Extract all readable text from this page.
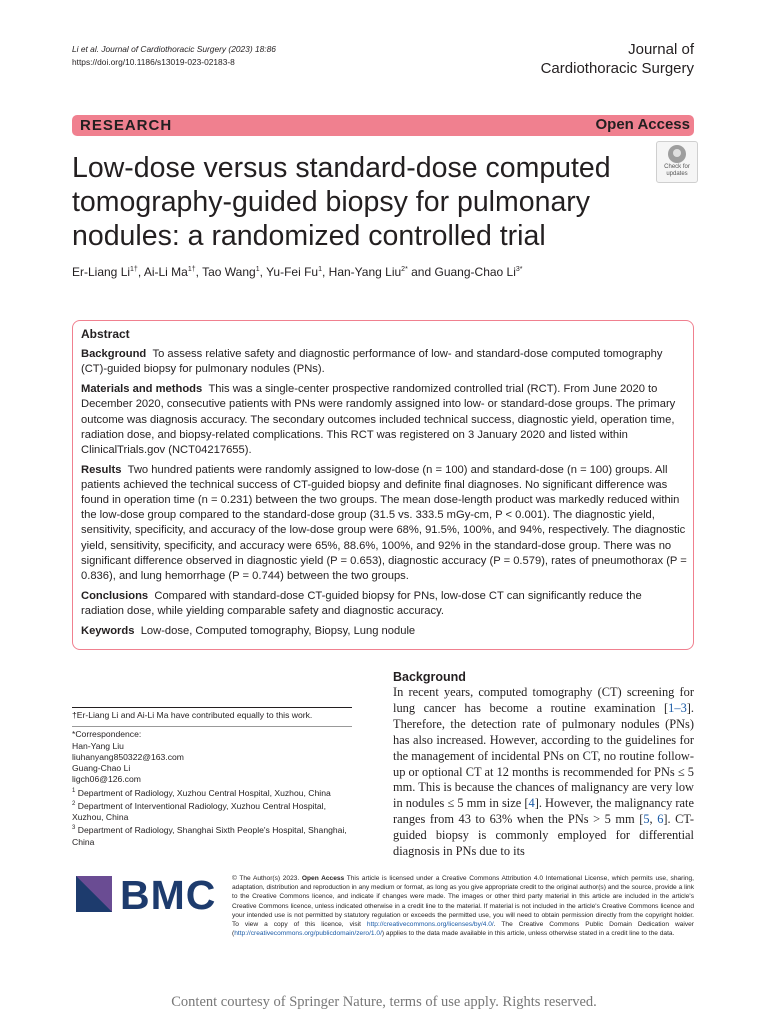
Li et al. Journal of Cardiothoracic Surgery (2023) 18:86
https://doi.org/10.1186/s13019-023-02183-8
Journal of
Cardiothoracic Surgery
RESEARCH	Open Access
Check for
updates
Low-dose versus standard-dose computed tomography-guided biopsy for pulmonary nodules: a randomized controlled trial
Er-Liang $Li^{1\dagger}$, Ai-Li $Ma^{1\dagger}$, Tao Wang$^1$, Yu-Fei Fu$^1$, Han-Yang Liu$^{2*}$ and Guang-Chao $Li^{3*}$

Abstract

Background To assess relative safety and diagnostic performance of low- and standard-dose computed tomography (CT)-guided biopsy for pulmonary nodules (PNs).

Materials and methods This was a single-center prospective randomized controlled trial (RCT). From June 2020 to December 2020, consecutive patients with PNs were randomly assigned into low- or standard-dose groups. The primary outcome was diagnosis accuracy. The secondary outcomes included technical success, diagnostic yield, operation time, radiation dose, and biopsy-related complications. This RCT was registered on 3 January 2020 and listed within ClinicalTrials.gov (NCT04217655).

Results Two hundred patients were randomly assigned to low-dose (n = 100) and standard-dose (n = 100) groups. All patients achieved the technical success of CT-guided biopsy and definite final diagnoses. No significant difference was found in operation time (n = 0.231) between the two groups. The mean dose-length product was markedly reduced within the low-dose group compared to the standard-dose group (31.5 vs. 333.5 mGy-cm, P < 0.001). The diagnostic yield, sensitivity, specificity, and accuracy of the low-dose group were 68%, 91.5%, 100%, and 94%, respectively. The diagnostic yield, sensitivity, specificity, and accuracy were 65%, 88.6%, 100%, and 92% in the standard-dose group. There was no significant difference observed in diagnostic yield (P = 0.653), diagnostic accuracy (P = 0.579), rates of pneumothorax (P = 0.836), and lung hemorrhage (P = 0.744) between the two groups.

Conclusions Compared with standard-dose CT-guided biopsy for PNs, low-dose CT can significantly reduce the radiation dose, while yielding comparable safety and diagnostic accuracy.

Keywords Low-dose, Computed tomography, Biopsy, Lung nodule

†Er-Liang Li and Ai-Li Ma have contributed equally to this work.
*Correspondence:
Han-Yang Liu
liuhanyang850322@163.com
Guang-Chao Li
ligch06@126.com
$^1$ Department of Radiology, Xuzhou Central Hospital, Xuzhou, China
$^2$ Department of Interventional Radiology, Xuzhou Central Hospital,
Xuzhou, China
$^3$ Department of Radiology, Shanghai Sixth People's Hospital, Shanghai,
China
Background
In recent years, computed tomography (CT) screening for lung cancer has become a routine examination [1–3]. Therefore, the detection rate of pulmonary nodules (PNs) has also increased. However, according to the guidelines for the management of incidental PNs on CT, no routine follow-up or optional CT at 12 months is recommended for PNs ≤ 5 mm. This is because the chances of malignancy are very low in nodules ≤ 5 mm in size [4]. However, the malignancy rate ranges from 43 to 63% when the PNs > 5 mm [5, 6]. CT-guided biopsy is commonly employed for differential diagnosis in PNs due to its
BMC © The Author(s) 2023. Open Access This article is licensed under a Creative Commons Attribution 4.0 International License, which permits use, sharing, adaptation, distribution and reproduction in any medium or format, as long as you give appropriate credit to the original author(s) and the source, provide a link to the Creative Commons licence, and indicate if changes were made. The images or other third party material in this article are included in the article's Creative Commons licence, unless indicated otherwise in a credit line to the material. If material is not included in the article's Creative Commons licence and your intended use is not permitted by statutory regulation or exceeds the permitted use, you will need to obtain permission directly from the copyright holder. To view a copy of this licence, visit http://creativecommons.org/licenses/by/4.0/. The Creative Commons Public Domain Dedication waiver (http://creativecommons.org/publicdomain/zero/1.0/) applies to the data made available in this article, unless otherwise stated in a credit line to the data.
Content courtesy of Springer Nature, terms of use apply. Rights reserved.
